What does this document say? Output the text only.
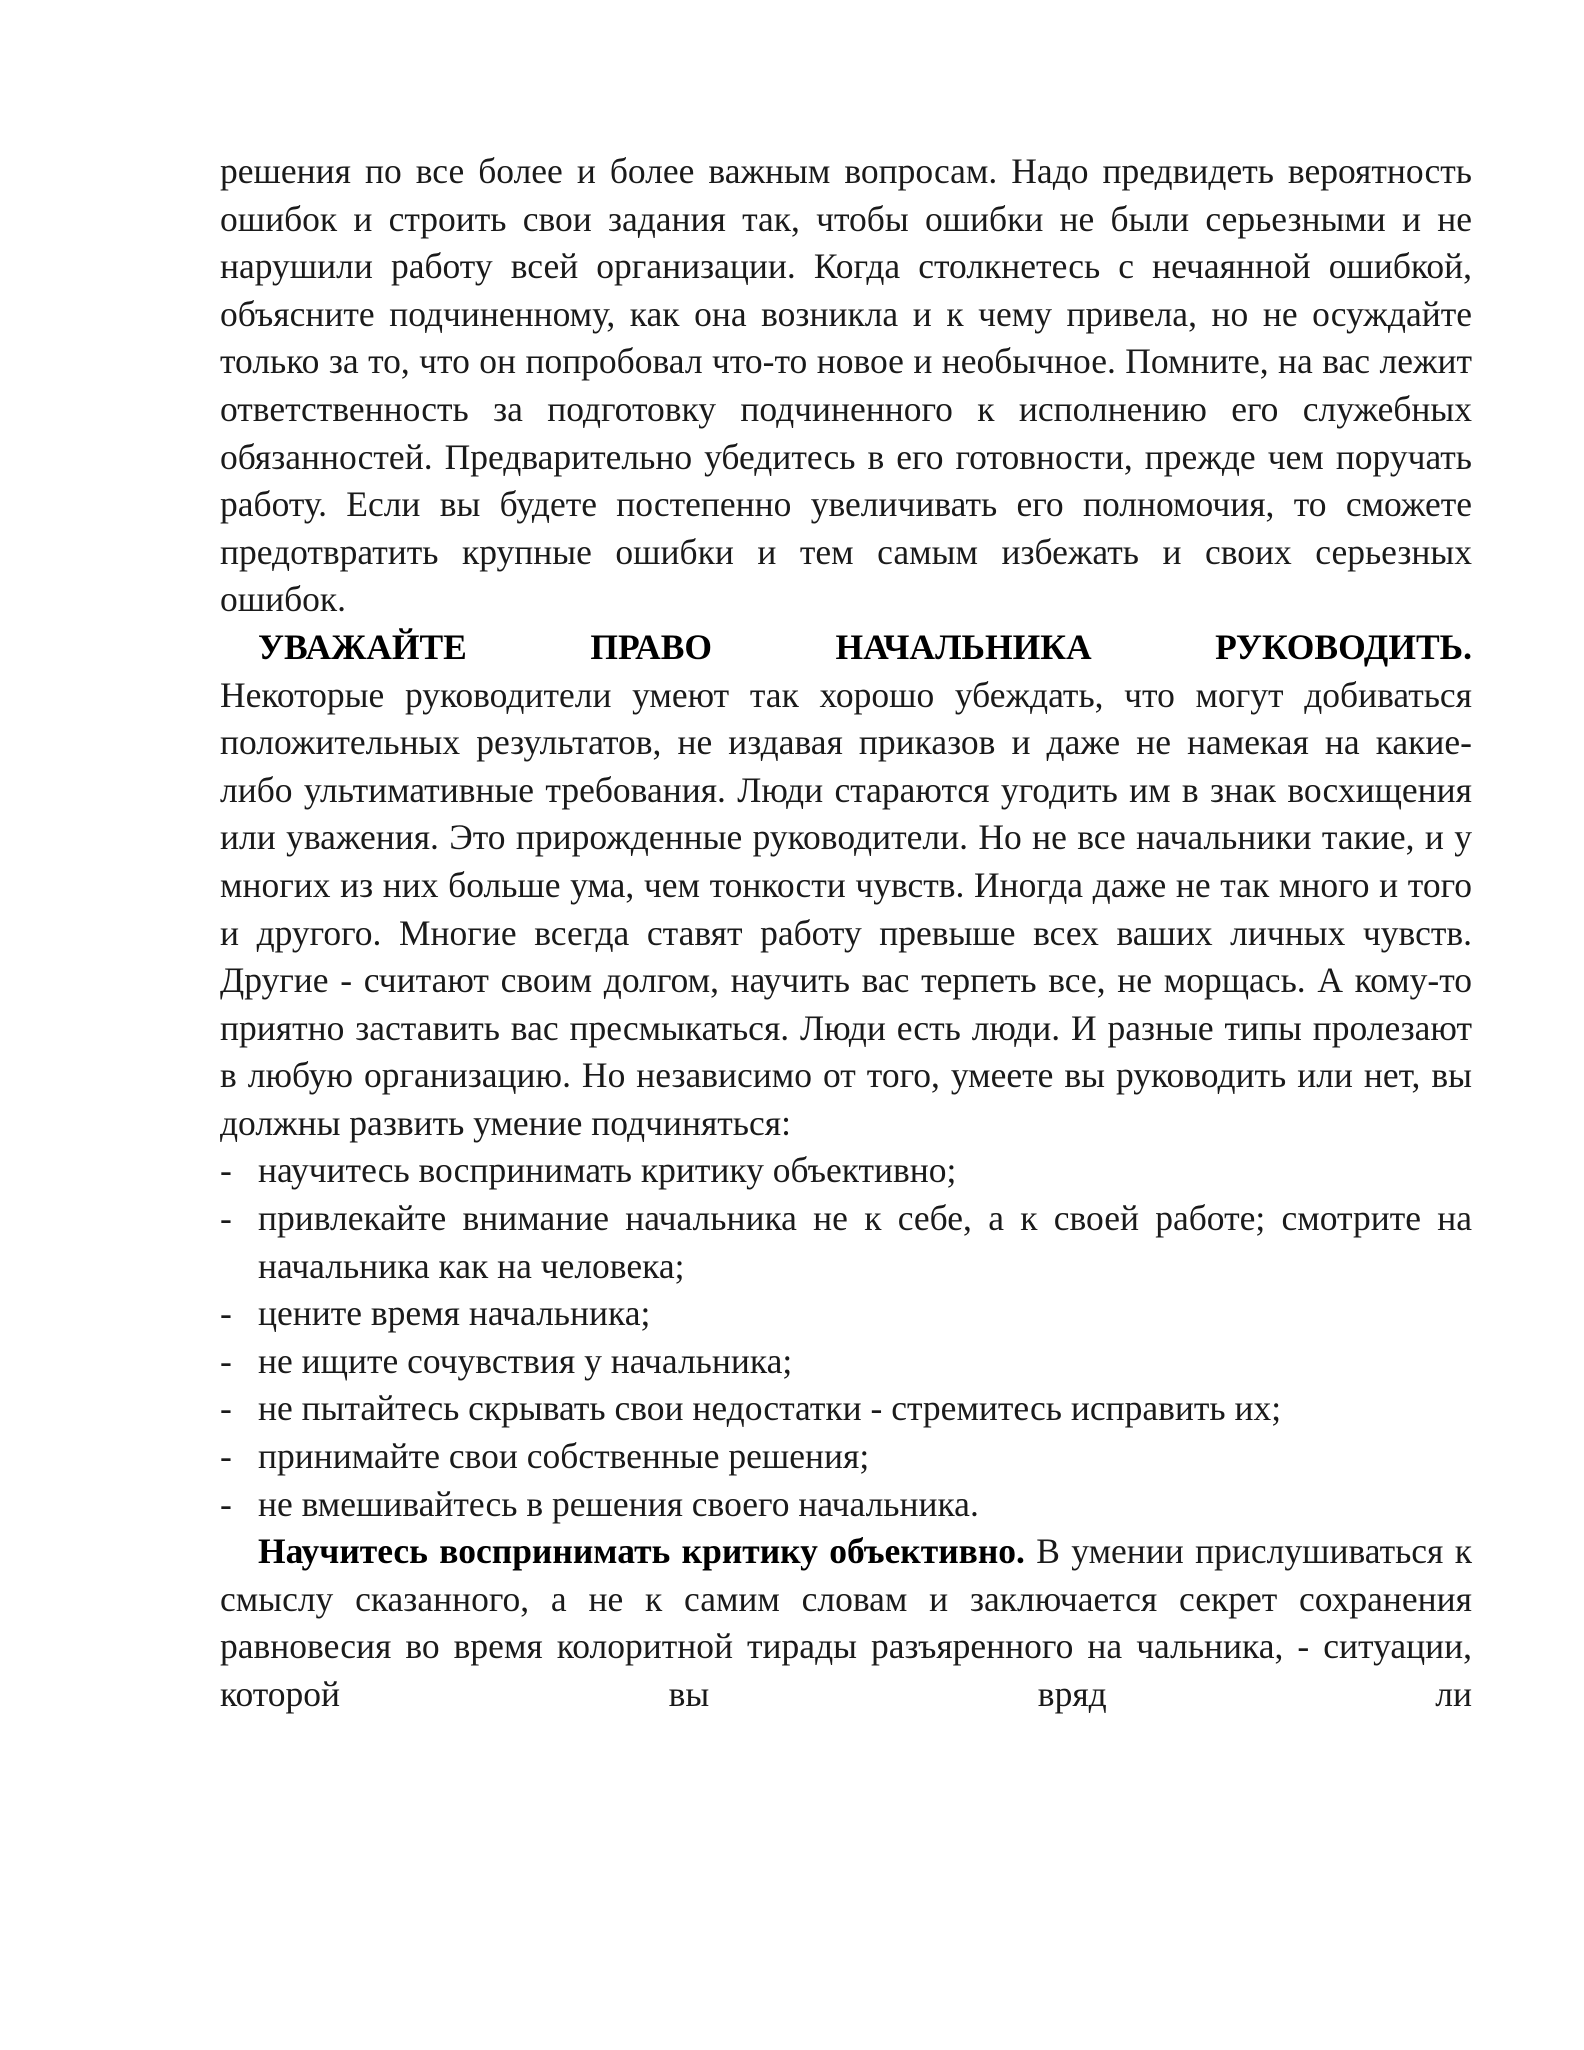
решения по все более и более важным вопросам. Надо предвидеть вероятность ошибок и строить свои задания так, чтобы ошибки не были серьезными и не нарушили работу всей организации. Когда столкнетесь с нечаянной ошибкой, объясните подчиненному, как она возникла и к чему привела, но не осуждайте только за то, что он попробовал что-то новое и необычное. Помните, на вас лежит ответственность за подготовку подчиненного к исполнению его служебных обязанностей. Предварительно убедитесь в его готовности, прежде чем поручать работу. Если вы будете постепенно увеличивать его полномочия, то сможете предотвратить крупные ошибки и тем самым избежать и своих серьезных ошибок.

УВАЖАЙТЕ ПРАВО НАЧАЛЬНИКА РУКОВОДИТЬ.

Некоторые руководители умеют так хорошо убеждать, что могут добиваться положительных результатов, не издавая приказов и даже не намекая на какие-либо ультимативные требования. Люди стараются угодить им в знак восхищения или уважения. Это прирожденные руководители. Но не все начальники такие, и у многих из них больше ума, чем тонкости чувств. Иногда даже не так много и того и другого. Многие всегда ставят работу превыше всех ваших личных чувств. Другие - считают своим долгом, научить вас терпеть все, не морщась. А кому-то приятно заставить вас пресмыкаться. Люди есть люди. И разные типы пролезают в любую организацию. Но независимо от того, умеете вы руководить или нет, вы должны развить умение подчиняться:

- научитесь воспринимать критику объективно;
- привлекайте внимание начальника не к себе, а к своей работе; смотрите на начальника как на человека;
- цените время начальника;
- не ищите сочувствия у начальника;
- не пытайтесь скрывать свои недостатки - стремитесь исправить их;
- принимайте свои собственные решения;
- не вмешивайтесь в решения своего начальника.

Научитесь воспринимать критику объективно. В умении прислушиваться к смыслу сказанного, а не к самим словам и заключается секрет сохранения равновесия во время колоритной тирады разъяренного на чальника, - ситуации, которой вы вряд ли
